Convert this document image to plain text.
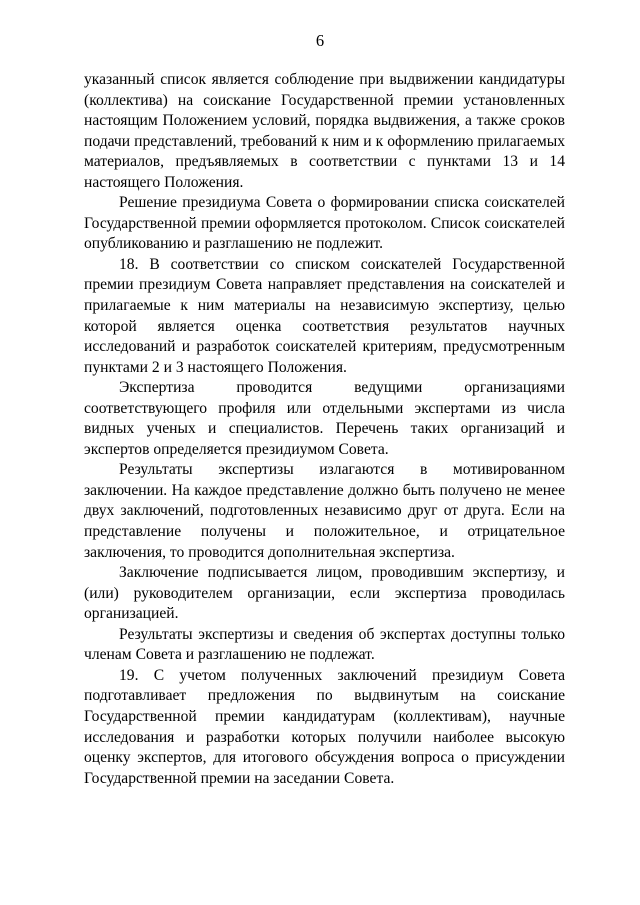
6

указанный список является соблюдение при выдвижении кандидатуры (коллектива) на соискание Государственной премии установленных настоящим Положением условий, порядка выдвижения, а также сроков подачи представлений, требований к ним и к оформлению прилагаемых материалов, предъявляемых в соответствии с пунктами 13 и 14 настоящего Положения.

Решение президиума Совета о формировании списка соискателей Государственной премии оформляется протоколом. Список соискателей опубликованию и разглашению не подлежит.

18. В соответствии со списком соискателей Государственной премии президиум Совета направляет представления на соискателей и прилагаемые к ним материалы на независимую экспертизу, целью которой является оценка соответствия результатов научных исследований и разработок соискателей критериям, предусмотренным пунктами 2 и 3 настоящего Положения.

Экспертиза проводится ведущими организациями соответствующего профиля или отдельными экспертами из числа видных ученых и специалистов. Перечень таких организаций и экспертов определяется президиумом Совета.

Результаты экспертизы излагаются в мотивированном заключении. На каждое представление должно быть получено не менее двух заключений, подготовленных независимо друг от друга. Если на представление получены и положительное, и отрицательное заключения, то проводится дополнительная экспертиза.

Заключение подписывается лицом, проводившим экспертизу, и (или) руководителем организации, если экспертиза проводилась организацией.

Результаты экспертизы и сведения об экспертах доступны только членам Совета и разглашению не подлежат.

19. С учетом полученных заключений президиум Совета подготавливает предложения по выдвинутым на соискание Государственной премии кандидатурам (коллективам), научные исследования и разработки которых получили наиболее высокую оценку экспертов, для итогового обсуждения вопроса о присуждении Государственной премии на заседании Совета.
